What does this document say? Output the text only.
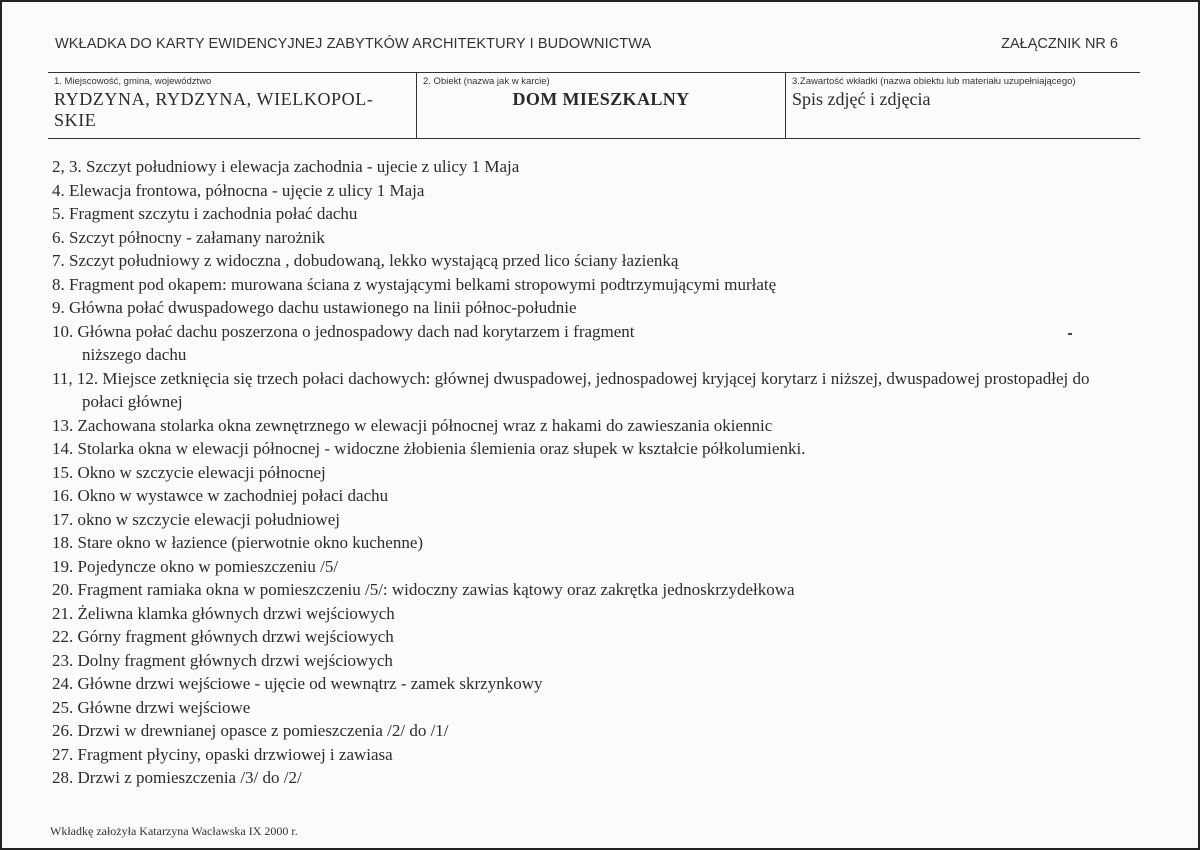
WKŁADKA DO KARTY EWIDENCYJNEJ ZABYTKÓW ARCHITEKTURY I BUDOWNICTWA	ZAŁĄCZNIK NR 6
1. Miejscowość, gmina, województwo
RYDZYNA, RYDZYNA, WIELKOPOL-
SKIE
2. Obiekt (nazwa jak w karcie)
DOM MIESZKALNY
3.Zawartość wkładki (nazwa obiektu lub materiału uzupełniającego)
Spis zdjęć i zdjęcia
2, 3. Szczyt południowy i elewacja zachodnia - ujecie z ulicy 1 Maja
4. Elewacja frontowa, północna - ujęcie z ulicy 1 Maja
5. Fragment szczytu i zachodnia połać dachu
6. Szczyt północny - załamany narożnik
7. Szczyt południowy z widoczna , dobudowaną, lekko wystającą przed lico ściany łazienką
8. Fragment pod okapem: murowana ściana z wystającymi belkami stropowymi podtrzymującymi murłatę
9. Główna połać dwuspadowego dachu ustawionego na linii północ-południe
10. Główna połać dachu poszerzona o jednospadowy dach nad korytarzem i fragment niższego dachu
11, 12. Miejsce zetknięcia się trzech połaci dachowych: głównej dwuspadowej, jednospadowej kryjącej korytarz i niższej, dwuspadowej prostopadłej do połaci głównej
13. Zachowana stolarka okna zewnętrznego w elewacji północnej wraz z hakami do zawieszania okiennic
14. Stolarka okna w elewacji północnej - widoczne żłobienia ślemienia oraz słupek w kształcie półkolumienki.
15. Okno w szczycie elewacji północnej
16. Okno w wystawce w zachodniej połaci dachu
17. okno w szczycie elewacji południowej
18. Stare okno w łazience (pierwotnie okno kuchenne)
19. Pojedyncze okno w pomieszczeniu /5/
20. Fragment ramiaka okna w pomieszczeniu /5/: widoczny zawias kątowy oraz zakrętka jednoskrzydełkowa
21. Żeliwna klamka głównych drzwi wejściowych
22. Górny fragment głównych drzwi wejściowych
23. Dolny fragment głównych drzwi wejściowych
24. Główne drzwi wejściowe - ujęcie od wewnątrz - zamek skrzynkowy
25. Główne drzwi wejściowe
26. Drzwi w drewnianej opasce z pomieszczenia /2/ do /1/
27. Fragment płyciny, opaski drzwiowej i zawiasa
28. Drzwi z pomieszczenia /3/ do /2/
Wkładkę założyła Katarzyna Wacławska IX 2000 r.
